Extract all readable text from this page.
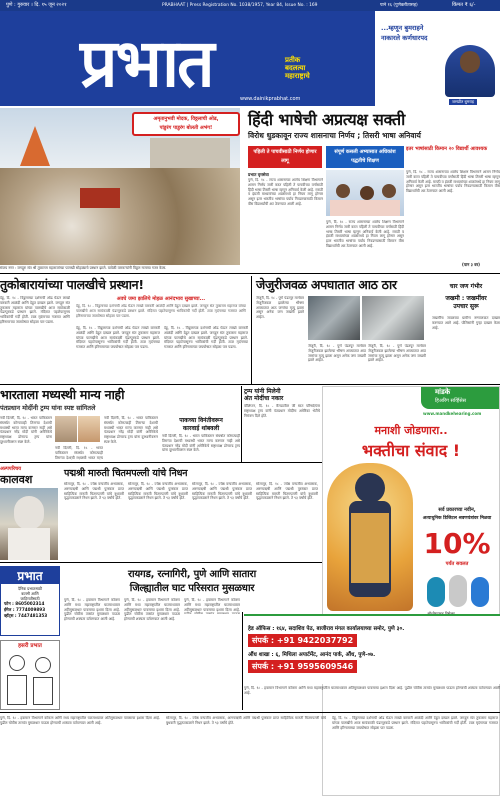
पुणे : गुरुवार । दि. १५ जून २०२१	PRABHAAT | Press Registration No. 1038/1957, Year 84, Issue No. : 169	पाने १६ (पुणेकरीतासह)	किंमत ₹ ६/-
प्रभात	प्रतीक
बदलत्या
महाराष्ट्राचे
www.dainikprabhat.com
...म्हणून बुमराहने
नाकारले कर्णधारपद
जसप्रीत बुमराह
अमृतानुभवी मोदक, विठ्ठलाची ओढ,
पांडुरंग पाडुरंग बोलती अभंग!
संजय नगर : जगद्गुरु संत श्री तुकाराम महाराजांच्या पालखी सोहळ्याचे प्रस्थान झाले. यावेळी वारकऱ्यांनी विठ्ठल नामाचा गजर केला.
हिंदी भाषेची अप्रत्यक्ष सक्ती
विरोध धुडकावून राज्य शासनाचा निर्णय ; तिसरी भाषा अनिवार्य
पहिली ते पाचवीसाठी निर्णय होणार लागू
संपूर्ण कसली अभ्यासात अधिकांश पद्धतीचे शिक्षण
इतर भाषांसाठी किमान २० विद्यार्थी आवश्यक
प्रभात वृत्तसेवा
पुणे, दि. १८ - राज्य शासनाच्या शालेय शिक्षण विभागाने शासन निर्णय जारी करत पहिली ते पाचवीच्या वर्गांसाठी हिंदी भाषा तिसरी भाषा म्हणून अनिवार्य केली आहे. मराठी व इंग्रजी माध्यमांच्या शाळांमध्ये हा नियम लागू होणार असून इतर भारतीय भाषांचा पर्याय निवडण्यासाठी किमान वीस विद्यार्थ्यांची अट ठेवण्यात आली आहे.
पुणे, दि. १८ - राज्य शासनाच्या शालेय शिक्षण विभागाने शासन निर्णय जारी करत पहिली ते पाचवीच्या वर्गांसाठी हिंदी भाषा तिसरी भाषा म्हणून अनिवार्य केली आहे. मराठी व इंग्रजी माध्यमांच्या शाळांमध्ये हा नियम लागू होणार असून इतर भारतीय भाषांचा पर्याय निवडण्यासाठी किमान वीस विद्यार्थ्यांची अट ठेवण्यात आली आहे.
पुणे, दि. १८ - राज्य शासनाच्या शालेय शिक्षण विभागाने शासन निर्णय जारी करत पहिली ते पाचवीच्या वर्गांसाठी हिंदी भाषा तिसरी भाषा म्हणून अनिवार्य केली आहे. मराठी व इंग्रजी माध्यमांच्या शाळांमध्ये हा नियम लागू होणार असून इतर भारतीय भाषांचा पर्याय निवडण्यासाठी किमान वीस विद्यार्थ्यांची अट ठेवण्यात आली आहे.
(पान ३ वर)
तुकोबारायांच्या पालखीचे प्रस्थान!
अवघे जमा झालिये मोहळ आनंदभाव सुखाच्या...
देहू, दि. १८ - विठ्ठलाच्या दर्शनाची ओढ घेऊन लाखो वारकरी आळंदी आणि देहूत दाखल झाले. जगद्गुरु संत तुकाराम महाराज यांच्या पालखीचे आज सायंकाळी पंढरपूरकडे प्रस्थान झाले. मंदिरात पहाटेपासूनच भाविकांची गर्दी होती. टाळ मृदंगाच्या गजरात आणि हरिनामाच्या जयघोषात सोहळा पार पडला.
देहू, दि. १८ - विठ्ठलाच्या दर्शनाची ओढ घेऊन लाखो वारकरी आळंदी आणि देहूत दाखल झाले. जगद्गुरु संत तुकाराम महाराज यांच्या पालखीचे आज सायंकाळी पंढरपूरकडे प्रस्थान झाले. मंदिरात पहाटेपासूनच भाविकांची गर्दी होती. टाळ मृदंगाच्या गजरात आणि हरिनामाच्या जयघोषात सोहळा पार पडला.
देहू, दि. १८ - विठ्ठलाच्या दर्शनाची ओढ घेऊन लाखो वारकरी आळंदी आणि देहूत दाखल झाले. जगद्गुरु संत तुकाराम महाराज यांच्या पालखीचे आज सायंकाळी पंढरपूरकडे प्रस्थान झाले. मंदिरात पहाटेपासूनच भाविकांची गर्दी होती. टाळ मृदंगाच्या गजरात आणि हरिनामाच्या जयघोषात सोहळा पार पडला.
देहू, दि. १८ - विठ्ठलाच्या दर्शनाची ओढ घेऊन लाखो वारकरी आळंदी आणि देहूत दाखल झाले. जगद्गुरु संत तुकाराम महाराज यांच्या पालखीचे आज सायंकाळी पंढरपूरकडे प्रस्थान झाले. मंदिरात पहाटेपासूनच भाविकांची गर्दी होती. टाळ मृदंगाच्या गजरात आणि हरिनामाच्या जयघोषात सोहळा पार पडला.
जेजुरीजवळ अपघातात आठ ठार
जेजुरी, दि. १८ - पुणे पंढरपूर मार्गावर जेजुरीजवळ झालेल्या भीषण अपघातात आठ जणांचा मृत्यू झाला असून अनेक जण जखमी झाले आहेत.
जेजुरी, दि. १८ - पुणे पंढरपूर मार्गावर जेजुरीजवळ झालेल्या भीषण अपघातात आठ जणांचा मृत्यू झाला असून अनेक जण जखमी झाले आहेत.
जेजुरी, दि. १८ - पुणे पंढरपूर मार्गावर जेजुरीजवळ झालेल्या भीषण अपघातात आठ जणांचा मृत्यू झाला असून अनेक जण जखमी झाले आहेत.
चार जण गंभीर
जखमी : जखमींवर
उपचार सुरू
जखमींना जवळच्या ग्रामीण रुग्णालयात दाखल करण्यात आले आहे. पोलिसांनी गुन्हा दाखल केला आहे.
भारताला मध्यस्थी मान्य नाही
पंतप्रधान मोदींनी ट्रम्प यांना स्पष्ट सांगितले
नवी दिल्ली, दि. १८ - भारत पाकिस्तान संघर्षात कोणत्याही तिसऱ्या देशाची मध्यस्थी भारत मान्य करणार नाही असे पंतप्रधान नरेंद्र मोदी यांनी अमेरिकेचे राष्ट्राध्यक्ष डोनाल्ड ट्रम्प यांना दूरध्वनीवरून स्पष्ट केले.
नवी दिल्ली, दि. १८ - भारत पाकिस्तान संघर्षात कोणत्याही तिसऱ्या देशाची मध्यस्थी भारत मान्य करणार नाही असे पंतप्रधान नरेंद्र मोदी यांनी अमेरिकेचे राष्ट्राध्यक्ष डोनाल्ड ट्रम्प यांना दूरध्वनीवरून स्पष्ट केले.
नवी दिल्ली, दि. १८ - भारत पाकिस्तान संघर्षात कोणत्याही तिसऱ्या देशाची मध्यस्थी भारत मान्य
पाकच्या विनंतीवरून
कारवाई थांबवली
नवी दिल्ली, दि. १८ - भारत पाकिस्तान संघर्षात कोणत्याही तिसऱ्या देशाची मध्यस्थी भारत मान्य करणार नाही असे पंतप्रधान नरेंद्र मोदी यांनी अमेरिकेचे राष्ट्राध्यक्ष डोनाल्ड ट्रम्प यांना दूरध्वनीवरून स्पष्ट केले.
ट्रम्प यांनी मिलेनी
अंत मोदींचा नकार
वॉशिंग्टन, दि. १८ - कॅनडातील जी सात परिषदेनंतर राष्ट्राध्यक्ष ट्रम्प यांनी पंतप्रधान मोदींना अमेरिका भेटीचे निमंत्रण दिले होते.
मांडके
हिअरिंग सर्व्हिसेस
www.mandkehearing.com
मनाशी जोडणारा..
भक्तीचा संवाद !
सर्व प्रकारच्या नवीन,
अत्याधुनिक डिजिटल श्रवणयंत्रांवर मिळवा
10%
पर्यंत सवलत
हेड ऑफिस : १६४, सदाशिव पेठ, बाजीराव मंगल कार्यालयाच्या समोर, पुणे ३०.
संपर्क : +91 9422037792
औंध शाखा : ६, मिथिला अपार्टमेंट, आनंद पार्क, औंध, पुणे-०७.
संपर्क : +91 9595609546
अल्पपरिचय
कालवश	पद्मश्री मारुती चितमपल्ली यांचे निधन
सोलापूर, दि. १८ - ज्येष्ठ वन्यजीव अभ्यासक, अरण्यऋषी आणि पद्मश्री पुरस्कार प्राप्त साहित्यिक मारुती चितमपल्ली यांचे बुधवारी वृद्धापकाळाने निधन झाले. ते ९३ वर्षांचे होते.
सोलापूर, दि. १८ - ज्येष्ठ वन्यजीव अभ्यासक, अरण्यऋषी आणि पद्मश्री पुरस्कार प्राप्त साहित्यिक मारुती चितमपल्ली यांचे बुधवारी वृद्धापकाळाने निधन झाले. ते ९३ वर्षांचे होते.
सोलापूर, दि. १८ - ज्येष्ठ वन्यजीव अभ्यासक, अरण्यऋषी आणि पद्मश्री पुरस्कार प्राप्त साहित्यिक मारुती चितमपल्ली यांचे बुधवारी वृद्धापकाळाने निधन झाले. ते ९३ वर्षांचे होते.
सोलापूर, दि. १८ - ज्येष्ठ वन्यजीव अभ्यासक, अरण्यऋषी आणि पद्मश्री पुरस्कार प्राप्त साहित्यिक मारुती चितमपल्ली यांचे बुधवारी वृद्धापकाळाने निधन झाले. ते ९३ वर्षांचे होते.
प्रभात
दैनिक प्रभातसाठी
बातमी आणि
जाहिरातीसाठी
फोन : 8605002314
ईमेल : 7774009893
व्हॉट्स : 7447481353
रायगड, रत्नागिरी, पुणे आणि सातारा
जिल्ह्यातील घाट परिसरात मुसळधार
पुणे, दि. १८ - हवामान विभागाने कोकण आणि मध्य महाराष्ट्रातील घाटमाथ्यावर अतिमुसळधार पावसाचा इशारा दिला आहे. पुढील चोवीस तासांत मुसळधार पाऊस होण्याची शक्यता वर्तवण्यात आली आहे.
पुणे, दि. १८ - हवामान विभागाने कोकण आणि मध्य महाराष्ट्रातील घाटमाथ्यावर अतिमुसळधार पावसाचा इशारा दिला आहे. पुढील चोवीस तासांत मुसळधार पाऊस होण्याची शक्यता वर्तवण्यात आली आहे.
पुणे, दि. १८ - हवामान विभागाने कोकण आणि मध्य महाराष्ट्रातील घाटमाथ्यावर अतिमुसळधार पावसाचा इशारा दिला आहे.
हसरी प्रभात
पुणे, दि. १८ - हवामान विभागाने कोकण आणि मध्य महाराष्ट्रातील घाटमाथ्यावर अतिमुसळधार पावसाचा इशारा दिला आहे. पुढील चोवीस तासांत मुसळधार पाऊस होण्याची शक्यता वर्तवण्यात आली आहे.
पुणे, दि. १८ - हवामान विभागाने कोकण आणि मध्य महाराष्ट्रातील घाटमाथ्यावर अतिमुसळधार पावसाचा इशारा दिला आहे. पुढील चोवीस तासांत मुसळधार पाऊस होण्याची शक्यता वर्तवण्यात आली आहे.
सोलापूर, दि. १८ - ज्येष्ठ वन्यजीव अभ्यासक, अरण्यऋषी आणि पद्मश्री पुरस्कार प्राप्त साहित्यिक मारुती चितमपल्ली यांचे बुधवारी वृद्धापकाळाने निधन झाले. ते ९३ वर्षांचे होते.
देहू, दि. १८ - विठ्ठलाच्या दर्शनाची ओढ घेऊन लाखो वारकरी आळंदी आणि देहूत दाखल झाले. जगद्गुरु संत तुकाराम महाराज यांच्या पालखीचे आज सायंकाळी पंढरपूरकडे प्रस्थान झाले. मंदिरात पहाटेपासूनच भाविकांची गर्दी होती. टाळ मृदंगाच्या गजरात आणि हरिनामाच्या जयघोषात सोहळा पार पडला.
